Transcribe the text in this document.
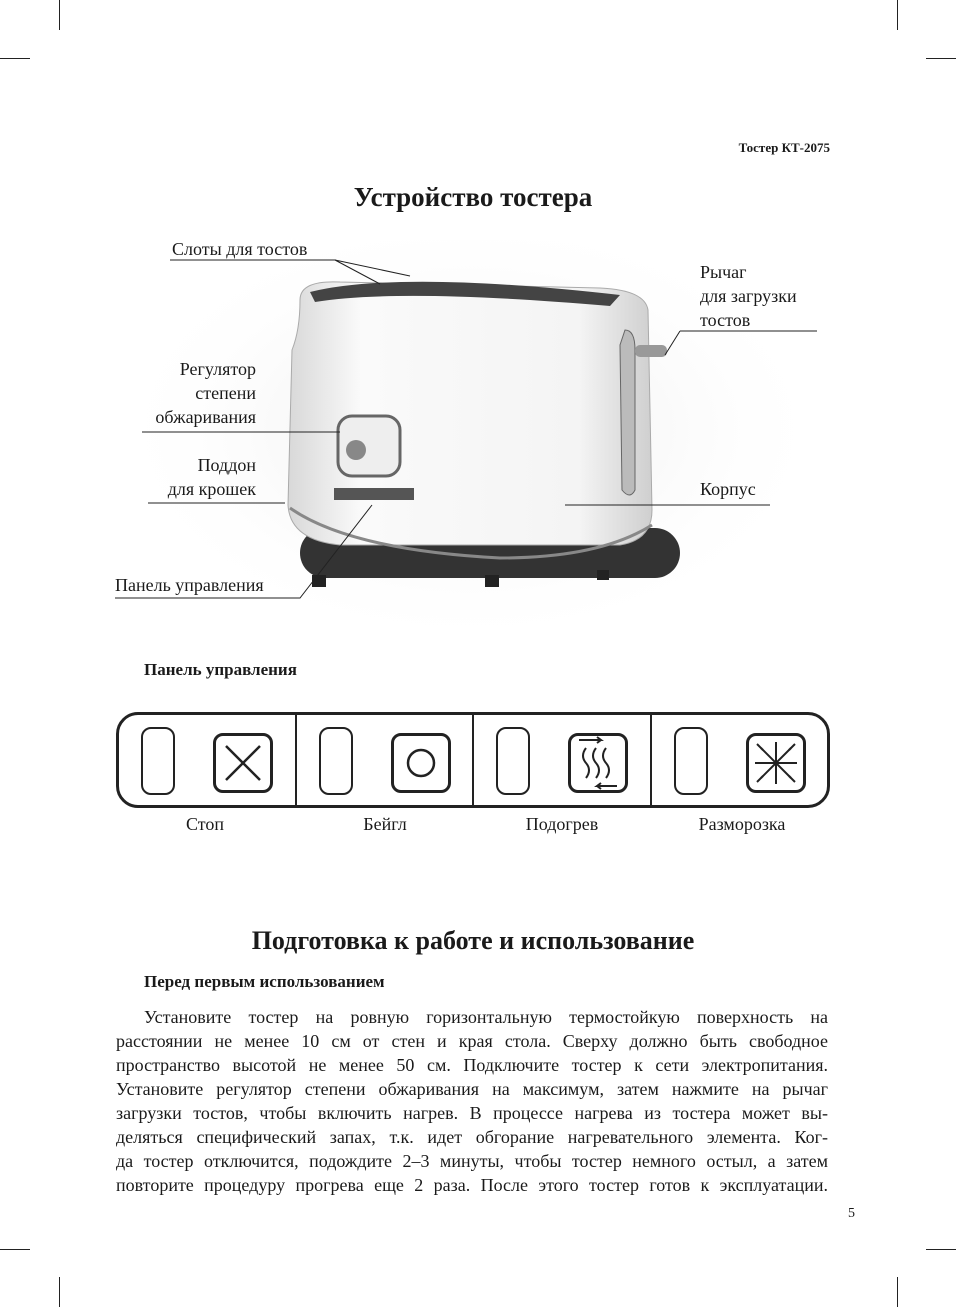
Тостер КТ-2075
Устройство тостера
Слоты для тостов
Рычаг
для загрузки
тостов
Регулятор
степени
обжаривания
Поддон
для крошек	Корпус
Панель управления
Панель управления
Стоп	Бейгл	Подогрев	Разморозка
Подготовка к работе и использование
Перед первым использованием
Установите тостер на ровную горизонтальную термостойкую поверхность на
расстоянии не менее 10 см от стен и края стола. Сверху должно быть свободное
пространство высотой не менее 50 см. Подключите тостер к сети электропитания.
Установите регулятор степени обжаривания на максимум, затем нажмите на рычаг
загрузки тостов, чтобы включить нагрев. В процессе нагрева из тостера может вы-
деляться специфический запах, т.к. идет обгорание нагревательного элемента. Ког-
да тостер отключится, подождите 2–3 минуты, чтобы тостер немного остыл, а затем
повторите процедуру прогрева еще 2 раза. После этого тостер готов к эксплуатации.
5
